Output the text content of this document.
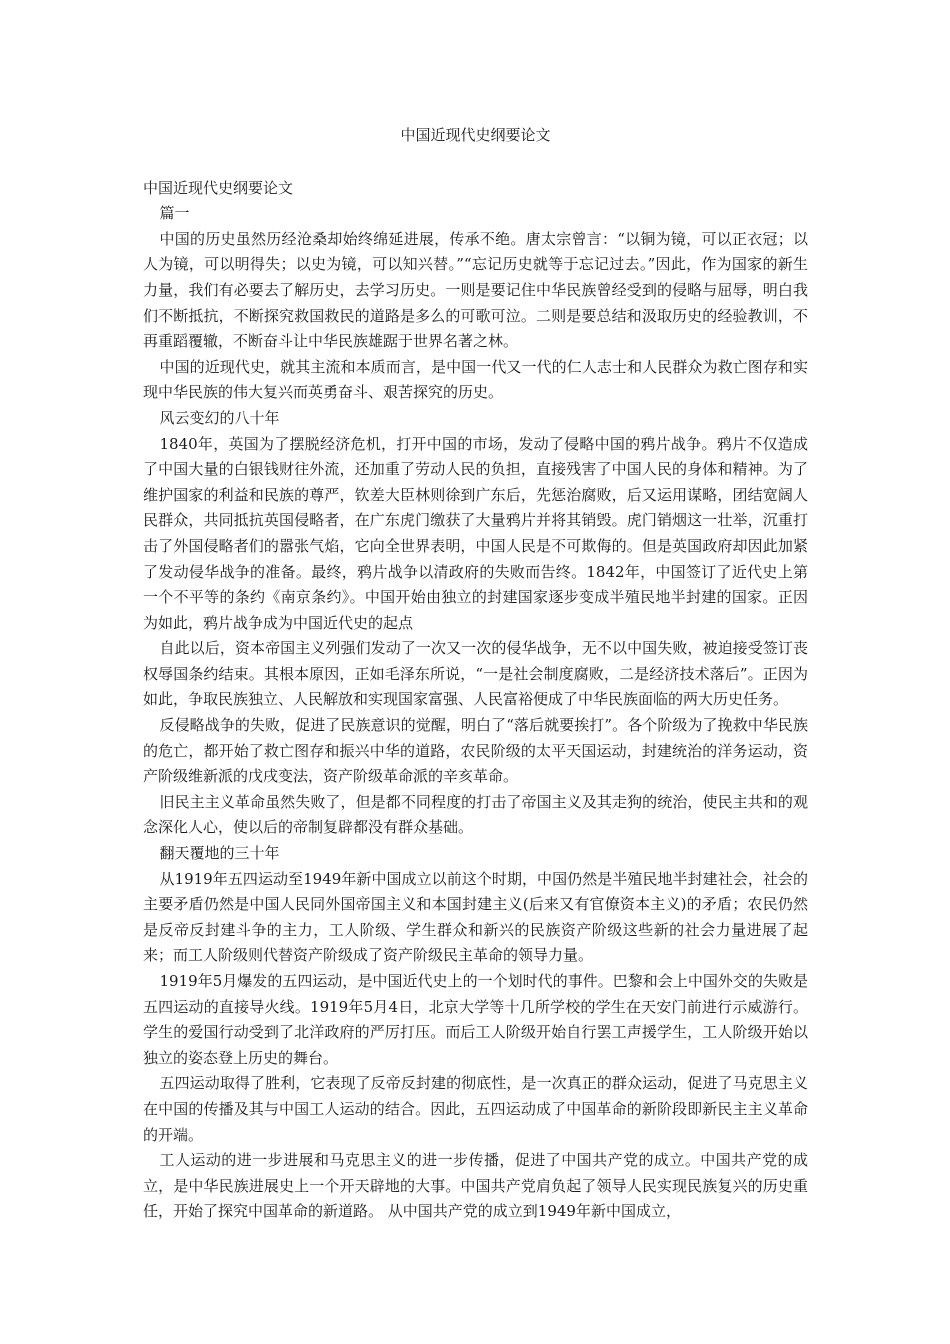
中国近现代史纲要论文
中国近现代史纲要论文
篇一
中国的历史虽然历经沧桑却始终绵延进展，传承不绝。唐太宗曾言：“以铜为镜，可以正衣冠；以人为镜，可以明得失；以史为镜，可以知兴替。”“忘记历史就等于忘记过去。”因此，作为国家的新生力量，我们有必要去了解历史，去学习历史。一则是要记住中华民族曾经受到的侵略与屈辱，明白我们不断抵抗，不断探究救国救民的道路是多么的可歌可泣。二则是要总结和汲取历史的经验教训，不再重蹈覆辙，不断奋斗让中华民族雄踞于世界名著之林。
中国的近现代史，就其主流和本质而言，是中国一代又一代的仁人志士和人民群众为救亡图存和实现中华民族的伟大复兴而英勇奋斗、艰苦探究的历史。
风云变幻的八十年
1840年，英国为了摆脱经济危机，打开中国的市场，发动了侵略中国的鸦片战争。鸦片不仅造成了中国大量的白银钱财往外流，还加重了劳动人民的负担，直接残害了中国人民的身体和精神。为了维护国家的利益和民族的尊严，钦差大臣林则徐到广东后，先惩治腐败，后又运用谋略，团结宽阔人民群众，共同抵抗英国侵略者，在广东虎门缴获了大量鸦片并将其销毁。虎门销烟这一壮举，沉重打击了外国侵略者们的嚣张气焰，它向全世界表明，中国人民是不可欺侮的。但是英国政府却因此加紧了发动侵华战争的准备。最终，鸦片战争以清政府的失败而告终。1842年，中国签订了近代史上第一个不平等的条约《南京条约》。中国开始由独立的封建国家逐步变成半殖民地半封建的国家。正因为如此，鸦片战争成为中国近代史的起点
自此以后，资本帝国主义列强们发动了一次又一次的侵华战争，无不以中国失败，被迫接受签订丧权辱国条约结束。其根本原因，正如毛泽东所说，“一是社会制度腐败，二是经济技术落后”。正因为如此，争取民族独立、人民解放和实现国家富强、人民富裕便成了中华民族面临的两大历史任务。
反侵略战争的失败，促进了民族意识的觉醒，明白了“落后就要挨打”。各个阶级为了挽救中华民族的危亡，都开始了救亡图存和振兴中华的道路，农民阶级的太平天国运动，封建统治的洋务运动，资产阶级维新派的戊戌变法，资产阶级革命派的辛亥革命。
旧民主主义革命虽然失败了，但是都不同程度的打击了帝国主义及其走狗的统治，使民主共和的观念深化人心，使以后的帝制复辟都没有群众基础。
翻天覆地的三十年
从1919年五四运动至1949年新中国成立以前这个时期，中国仍然是半殖民地半封建社会，社会的主要矛盾仍然是中国人民同外国帝国主义和本国封建主义(后来又有官僚资本主义)的矛盾；农民仍然是反帝反封建斗争的主力，工人阶级、学生群众和新兴的民族资产阶级这些新的社会力量进展了起来；而工人阶级则代替资产阶级成了资产阶级民主革命的领导力量。
1919年5月爆发的五四运动，是中国近代史上的一个划时代的事件。巴黎和会上中国外交的失败是五四运动的直接导火线。1919年5月4日，北京大学等十几所学校的学生在天安门前进行示威游行。学生的爱国行动受到了北洋政府的严厉打压。而后工人阶级开始自行罢工声援学生，工人阶级开始以独立的姿态登上历史的舞台。
五四运动取得了胜利，它表现了反帝反封建的彻底性，是一次真正的群众运动，促进了马克思主义在中国的传播及其与中国工人运动的结合。因此，五四运动成了中国革命的新阶段即新民主主义革命的开端。
工人运动的进一步进展和马克思主义的进一步传播，促进了中国共产党的成立。中国共产党的成立，是中华民族进展史上一个开天辟地的大事。中国共产党肩负起了领导人民实现民族复兴的历史重任，开始了探究中国革命的新道路。 从中国共产党的成立到1949年新中国成立，
